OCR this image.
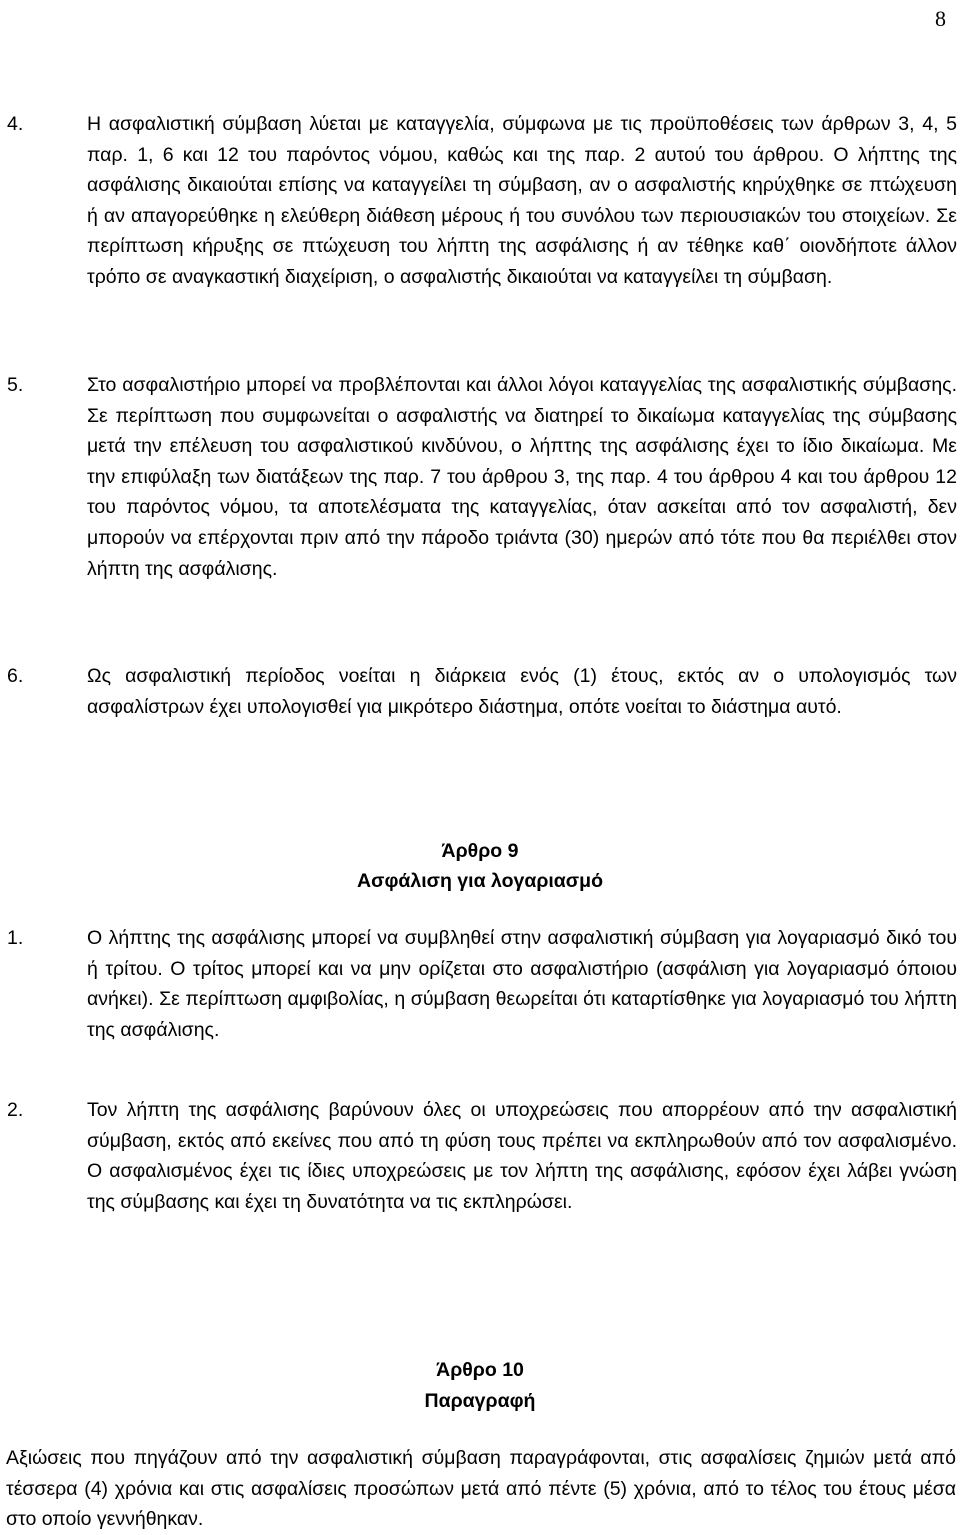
8

4.	Η ασφαλιστική σύμβαση λύεται με καταγγελία, σύμφωνα με τις προϋποθέσεις των άρθρων 3, 4, 5 παρ. 1, 6 και 12 του παρόντος νόμου, καθώς και της παρ. 2 αυτού του άρθρου. Ο λήπτης της ασφάλισης δικαιούται επίσης να καταγγείλει τη σύμβαση, αν ο ασφαλιστής κηρύχθηκε σε πτώχευση ή αν απαγορεύθηκε η ελεύθερη διάθεση μέρους ή του συνόλου των περιουσιακών του στοιχείων. Σε περίπτωση κήρυξης σε πτώχευση του λήπτη της ασφάλισης ή αν τέθηκε καθ΄ οιονδήποτε άλλον τρόπο σε αναγκαστική διαχείριση, ο ασφαλιστής δικαιούται να καταγγείλει τη σύμβαση.

5.	Στο ασφαλιστήριο μπορεί να προβλέπονται και άλλοι λόγοι καταγγελίας της ασφαλιστικής σύμβασης. Σε περίπτωση που συμφωνείται ο ασφαλιστής να διατηρεί το δικαίωμα καταγγελίας της σύμβασης μετά την επέλευση του ασφαλιστικού κινδύνου, ο λήπτης της ασφάλισης έχει το ίδιο δικαίωμα. Με την επιφύλαξη των διατάξεων της παρ. 7 του άρθρου 3, της παρ. 4 του άρθρου 4 και του άρθρου 12 του παρόντος νόμου, τα αποτελέσματα της καταγγελίας, όταν ασκείται από τον ασφαλιστή, δεν μπορούν να επέρχονται πριν από την πάροδο τριάντα (30) ημερών από τότε που θα περιέλθει στον λήπτη της ασφάλισης.

6.	Ως ασφαλιστική περίοδος νοείται η διάρκεια ενός (1) έτους, εκτός αν ο υπολογισμός των ασφαλίστρων έχει υπολογισθεί για μικρότερο διάστημα, οπότε νοείται το διάστημα αυτό.

Άρθρο 9
Ασφάλιση για λογαριασμό

1.	Ο λήπτης της ασφάλισης μπορεί να συμβληθεί στην ασφαλιστική σύμβαση για λογαριασμό δικό του ή τρίτου. Ο τρίτος μπορεί και να μην ορίζεται στο ασφαλιστήριο (ασφάλιση για λογαριασμό όποιου ανήκει). Σε περίπτωση αμφιβολίας, η σύμβαση θεωρείται ότι καταρτίσθηκε για λογαριασμό του λήπτη της ασφάλισης.

2.	Τον λήπτη της ασφάλισης βαρύνουν όλες οι υποχρεώσεις που απορρέουν από την ασφαλιστική σύμβαση, εκτός από εκείνες που από τη φύση τους πρέπει να εκπληρωθούν από τον ασφαλισμένο. Ο ασφαλισμένος έχει τις ίδιες υποχρεώσεις με τον λήπτη της ασφάλισης, εφόσον έχει λάβει γνώση της σύμβασης και έχει τη δυνατότητα να τις εκπληρώσει.

Άρθρο 10
Παραγραφή

Αξιώσεις που πηγάζουν από την ασφαλιστική σύμβαση παραγράφονται, στις ασφαλίσεις ζημιών μετά από τέσσερα (4) χρόνια και στις ασφαλίσεις προσώπων μετά από πέντε (5) χρόνια, από το τέλος του έτους μέσα στο οποίο γεννήθηκαν.
